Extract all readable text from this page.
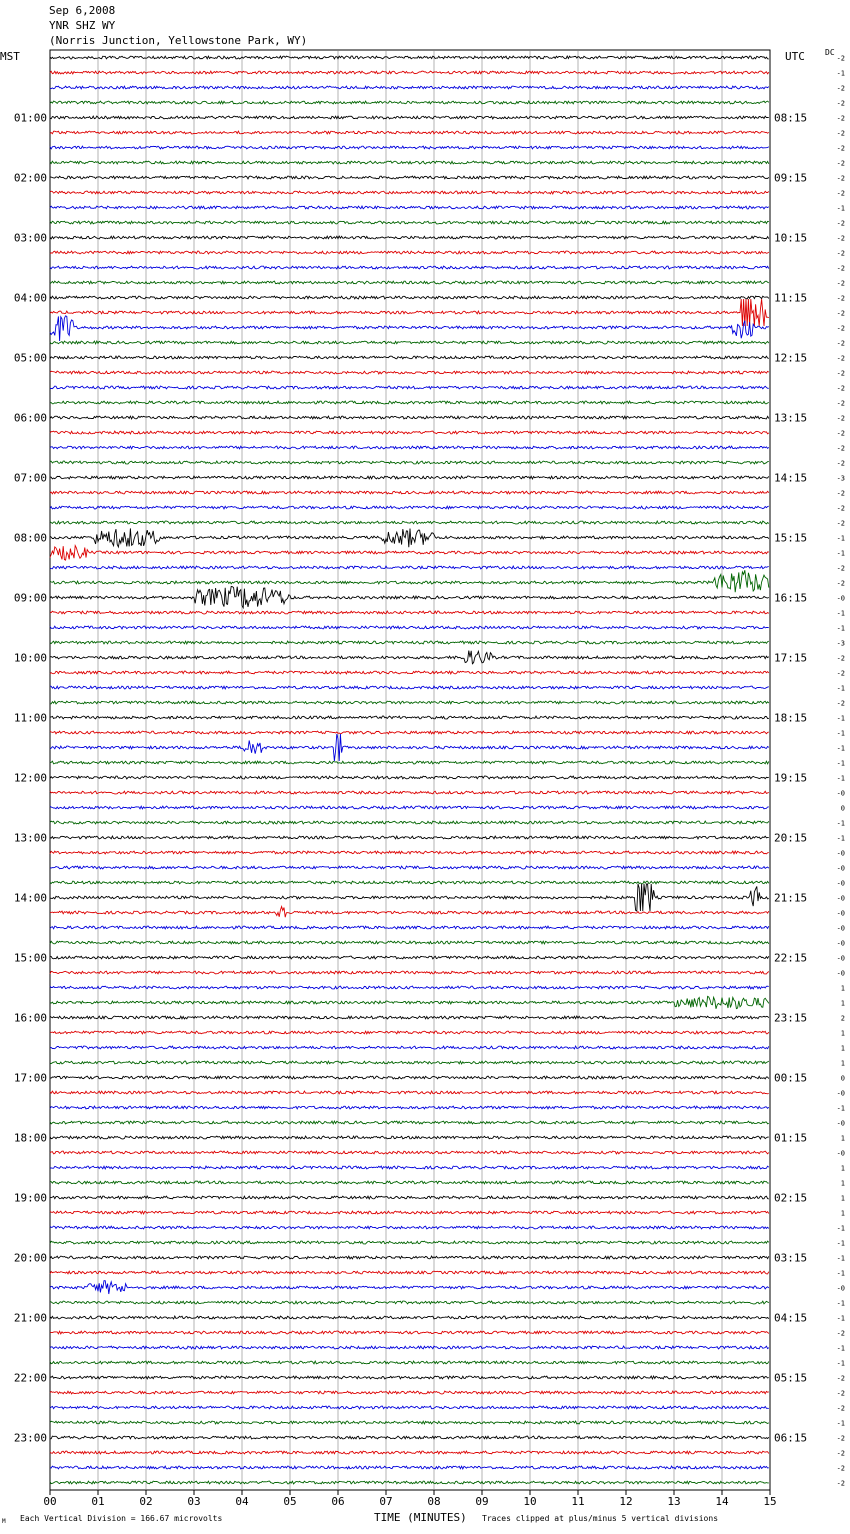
Sep 6,2008
YNR SHZ WY
(Norris Junction, Yellowstone Park, WY)
MST	UTC	DC
00	01	02	03	04	05	06	07	08	09	10	11	12	13	14	15
-2
-1
-2
-2
-2
-2
-2
-2
-2
-2
-1
-2
-2
-2
-2
-2
-2
-2
-2
-2
-2
-2
-2
-2
-2
-2
-2
-2
-3
-2
-2
-2
-1
-1
-2
-2
-0
-1
-1
-3
-2
-2
-1
-2
-1
-1
-1
-1
-1
-0
0
-1
-1
-0
-0
-0
-0
-0
-0
-0
-0
-0
1
1
2
1
1
1
0
-0
-1
-0
1
-0
1
1
1
1
-1
-1
-1
-1
-0
-1
-1
-2
-1
-1
-2
-2
-2
-1
-2
-2
-2
-2
01:00	08:15
02:00	09:15
03:00	10:15
04:00	11:15
05:00	12:15
06:00	13:15
07:00	14:15
08:00	15:15
09:00	16:15
10:00	17:15
11:00	18:15
12:00	19:15
13:00	20:15
14:00	21:15
15:00	22:15
16:00	23:15
17:00	00:15
18:00	01:15
19:00	02:15
20:00	03:15
21:00	04:15
22:00	05:15
23:00	06:15
TIME (MINUTES)
Each Vertical Division = 166.67 microvolts	Traces clipped at plus/minus 5 vertical divisions
M
